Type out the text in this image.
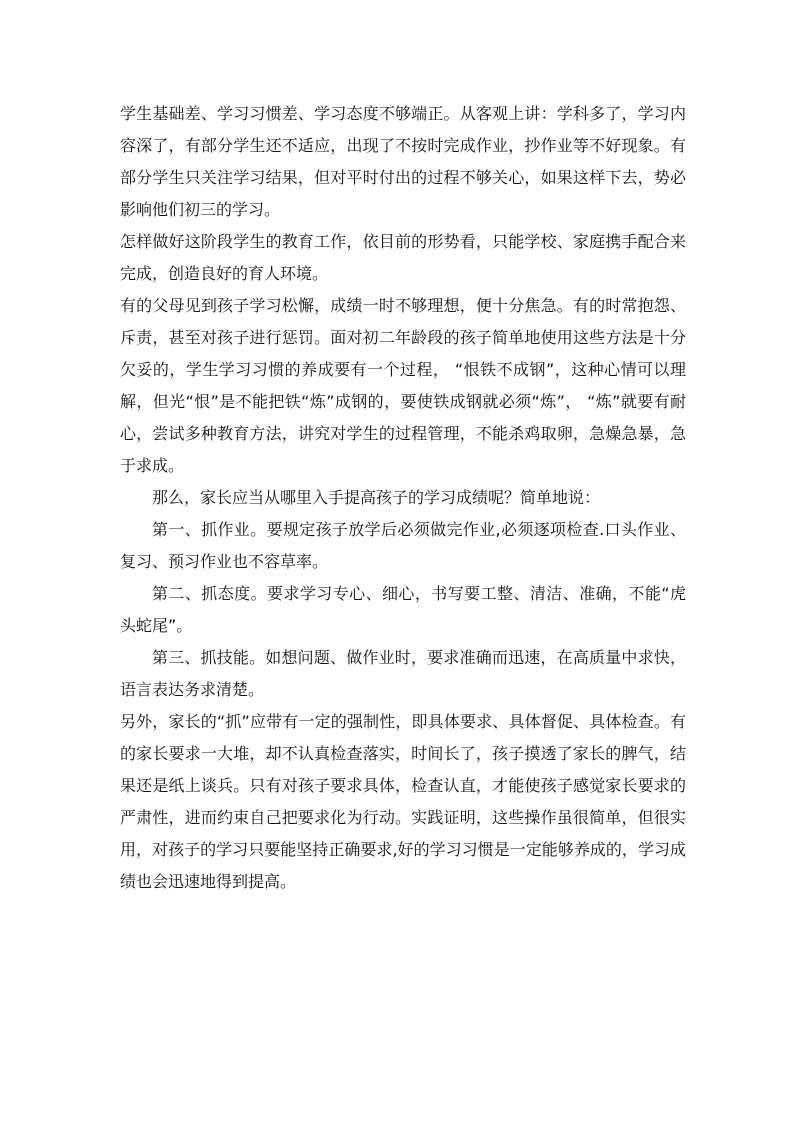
学生基础差、学习习惯差、学习态度不够端正。从客观上讲：学科多了，学习内容深了，有部分学生还不适应，出现了不按时完成作业，抄作业等不好现象。有部分学生只关注学习结果，但对平时付出的过程不够关心，如果这样下去，势必影响他们初三的学习。

怎样做好这阶段学生的教育工作，依目前的形势看，只能学校、家庭携手配合来完成，创造良好的育人环境。

有的父母见到孩子学习松懈，成绩一时不够理想，便十分焦急。有的时常抱怨、斥责，甚至对孩子进行惩罚。面对初二年龄段的孩子简单地使用这些方法是十分欠妥的，学生学习习惯的养成要有一个过程， “恨铁不成钢”，这种心情可以理解，但光“恨”是不能把铁“炼”成钢的，要使铁成钢就必须“炼”， “炼”就要有耐心，尝试多种教育方法，讲究对学生的过程管理，不能杀鸡取卵，急燥急暴，急于求成。

那么，家长应当从哪里入手提高孩子的学习成绩呢？简单地说：

第一、抓作业。要规定孩子放学后必须做完作业,必须逐项检查.口头作业、复习、预习作业也不容草率。

第二、抓态度。要求学习专心、细心，书写要工整、清洁、准确，不能“虎头蛇尾”。

第三、抓技能。如想问题、做作业时，要求准确而迅速，在高质量中求快，语言表达务求清楚。

另外，家长的“抓”应带有一定的强制性，即具体要求、具体督促、具体检查。有的家长要求一大堆，却不认真检查落实，时间长了，孩子摸透了家长的脾气，结果还是纸上谈兵。只有对孩子要求具体，检查认直，才能使孩子感觉家长要求的严肃性，进而约束自己把要求化为行动。实践证明，这些操作虽很简单，但很实用，对孩子的学习只要能坚持正确要求,好的学习习惯是一定能够养成的，学习成绩也会迅速地得到提高。
